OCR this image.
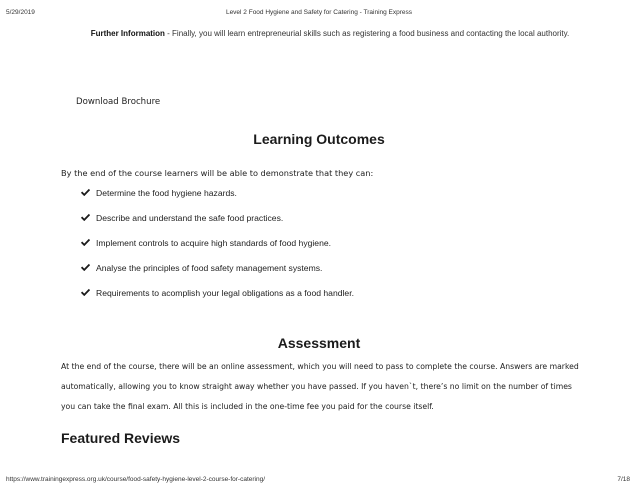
5/29/2019	Level 2 Food Hygiene and Safety for Catering - Training Express

Further Information - Finally, you will learn entrepreneurial skills such as registering a food business and contacting the local authority.

Download Brochure
Learning Outcomes

By the end of the course learners will be able to demonstrate that they can:

Determine the food hygiene hazards.
Describe and understand the safe food practices.
Implement controls to acquire high standards of food hygiene.
Analyse the principles of food safety management systems.
Requirements to acomplish your legal obligations as a food handler.
Assessment

At the end of the course, there will be an online assessment, which you will need to pass to complete the course. Answers are marked automatically, allowing you to know straight away whether you have passed. If you haven`t, there’s no limit on the number of times you can take the final exam. All this is included in the one-time fee you paid for the course itself.

Featured Reviews
https://www.trainingexpress.org.uk/course/food-safety-hygiene-level-2-course-for-catering/	7/18
